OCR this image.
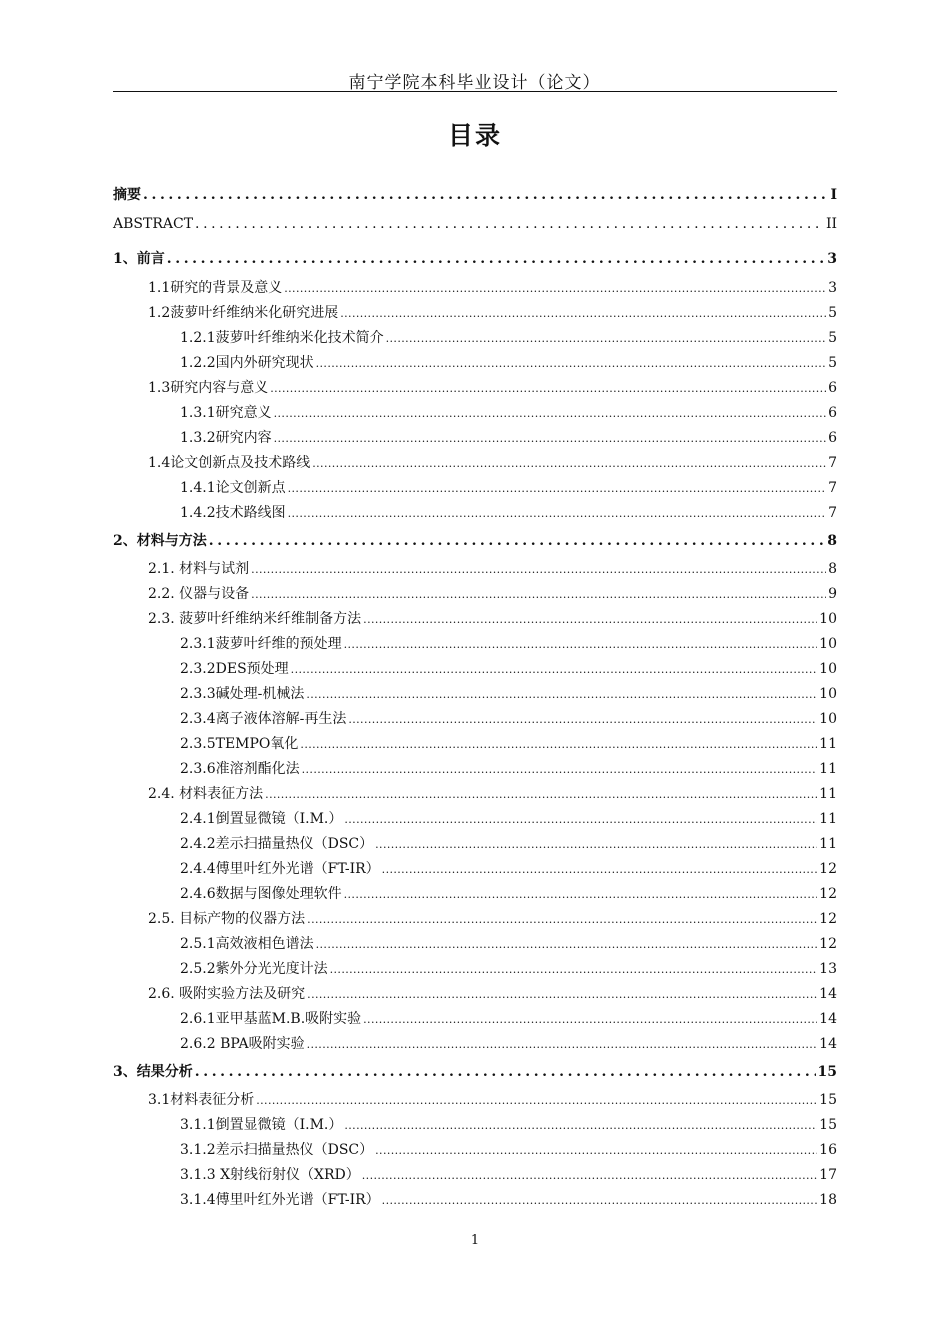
南宁学院本科毕业设计（论文）
目录
摘要 .....	I
ABSTRACT .....	II
1、前言 .....	3
1.1研究的背景及意义 .....	3
1.2菠萝叶纤维纳米化研究进展 .....	5
1.2.1菠萝叶纤维纳米化技术简介 .....	5
1.2.2国内外研究现状 .....	5
1.3研究内容与意义 .....	6
1.3.1研究意义 .....	6
1.3.2研究内容 .....	6
1.4论文创新点及技术路线 .....	7
1.4.1论文创新点 .....	7
1.4.2技术路线图 .....	7
2、材料与方法 .....	8
2.1. 材料与试剂 .....	8
2.2. 仪器与设备 .....	9
2.3. 菠萝叶纤维纳米纤维制备方法 .....	10
2.3.1菠萝叶纤维的预处理 .....	10
2.3.2DES预处理 .....	10
2.3.3碱处理-机械法 .....	10
2.3.4离子液体溶解-再生法 .....	10
2.3.5TEMPO氧化 .....	11
2.3.6准溶剂酯化法 .....	11
2.4. 材料表征方法 .....	11
2.4.1倒置显微镜（I.M.） .....	11
2.4.2差示扫描量热仪（DSC） .....	11
2.4.4傅里叶红外光谱（FT-IR） .....	12
2.4.6数据与图像处理软件 .....	12
2.5. 目标产物的仪器方法 .....	12
2.5.1高效液相色谱法 .....	12
2.5.2紫外分光光度计法 .....	13
2.6. 吸附实验方法及研究 .....	14
2.6.1亚甲基蓝M.B.吸附实验 .....	14
2.6.2 BPA吸附实验 .....	14
3、结果分析 .....	15
3.1材料表征分析 .....	15
3.1.1倒置显微镜（I.M.） .....	15
3.1.2差示扫描量热仪（DSC） .....	16
3.1.3 X射线衍射仪（XRD） .....	17
3.1.4傅里叶红外光谱（FT-IR） .....	18
1
